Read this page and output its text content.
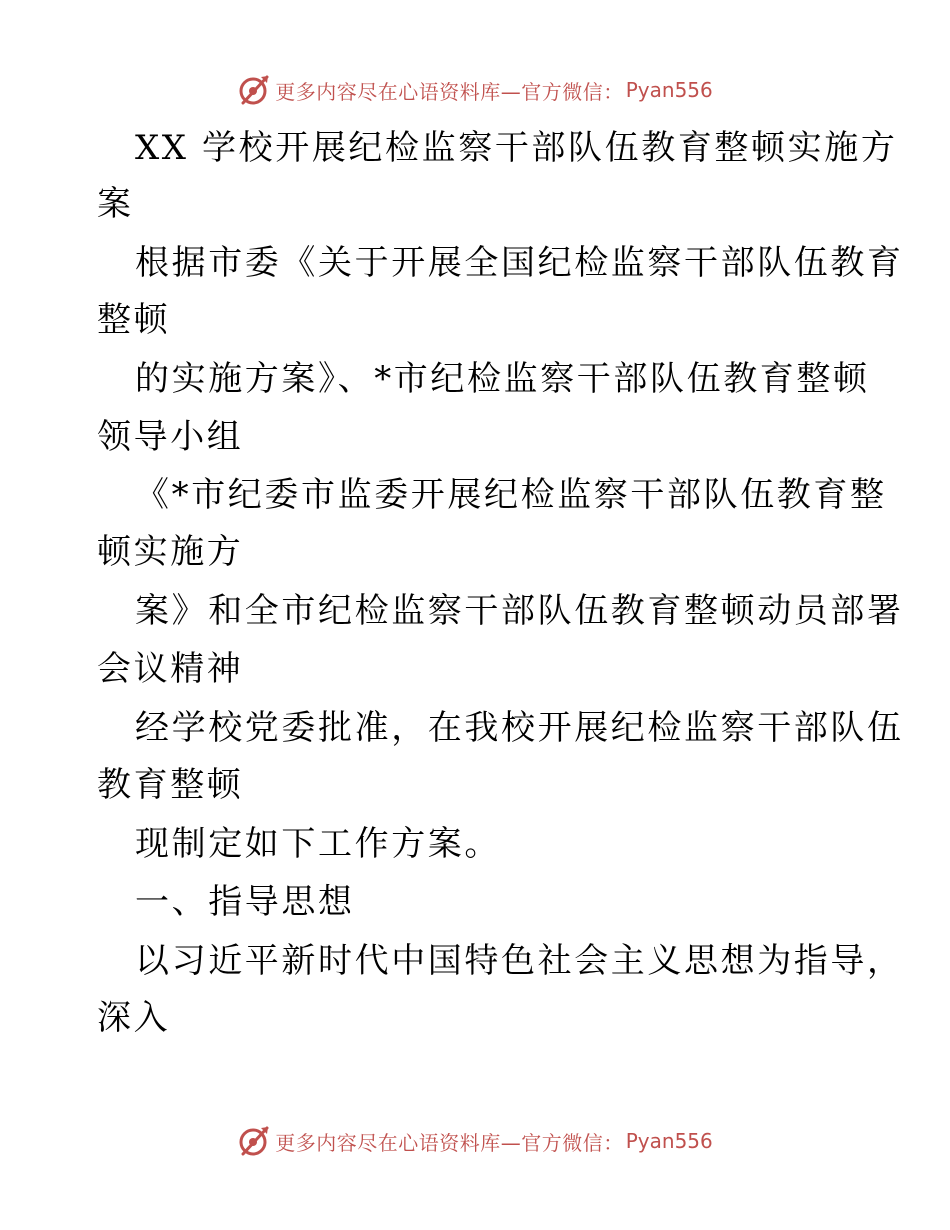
更多内容尽在心语资料库—官方微信： Pyan556
XX 学校开展纪检监察干部队伍教育整顿实施方
案
根据市委《关于开展全国纪检监察干部队伍教育
整顿
的实施方案》、*市纪检监察干部队伍教育整顿
领导小组
《*市纪委市监委开展纪检监察干部队伍教育整
顿实施方
案》和全市纪检监察干部队伍教育整顿动员部署
会议精神
经学校党委批准，在我校开展纪检监察干部队伍
教育整顿
现制定如下工作方案。
一、指导思想
以习近平新时代中国特色社会主义思想为指导，
深入
更多内容尽在心语资料库—官方微信： Pyan556
